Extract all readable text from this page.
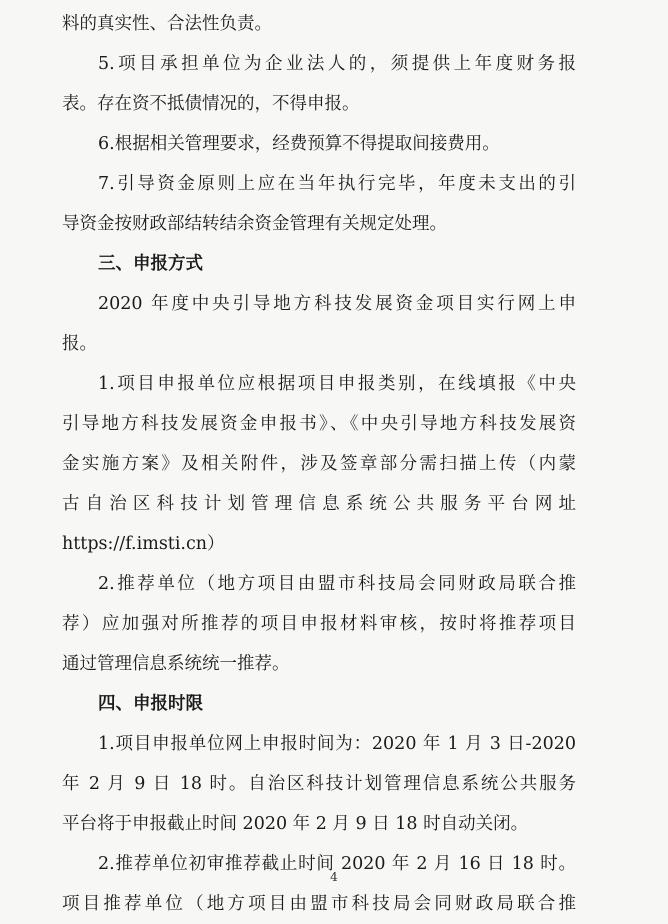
料的真实性、合法性负责。
5.项目承担单位为企业法人的，须提供上年度财务报
表。存在资不抵债情况的，不得申报。
6.根据相关管理要求，经费预算不得提取间接费用。
7.引导资金原则上应在当年执行完毕，年度未支出的引
导资金按财政部结转结余资金管理有关规定处理。
三、申报方式
2020 年度中央引导地方科技发展资金项目实行网上申
报。
1.项目申报单位应根据项目申报类别，在线填报《中央
引导地方科技发展资金申报书》、《中央引导地方科技发展资
金实施方案》及相关附件，涉及签章部分需扫描上传（内蒙
古自治区科技计划管理信息系统公共服务平台网址
https://f.imsti.cn）
2.推荐单位（地方项目由盟市科技局会同财政局联合推
荐）应加强对所推荐的项目申报材料审核，按时将推荐项目
通过管理信息系统统一推荐。
四、申报时限
1.项目申报单位网上申报时间为：2020 年 1 月 3 日-2020
年 2 月 9 日 18 时。自治区科技计划管理信息系统公共服务
平台将于申报截止时间 2020 年 2 月 9 日 18 时自动关闭。
2.推荐单位初审推荐截止时间 2020 年 2 月 16 日 18 时。
项目推荐单位（地方项目由盟市科技局会同财政局联合推
4
